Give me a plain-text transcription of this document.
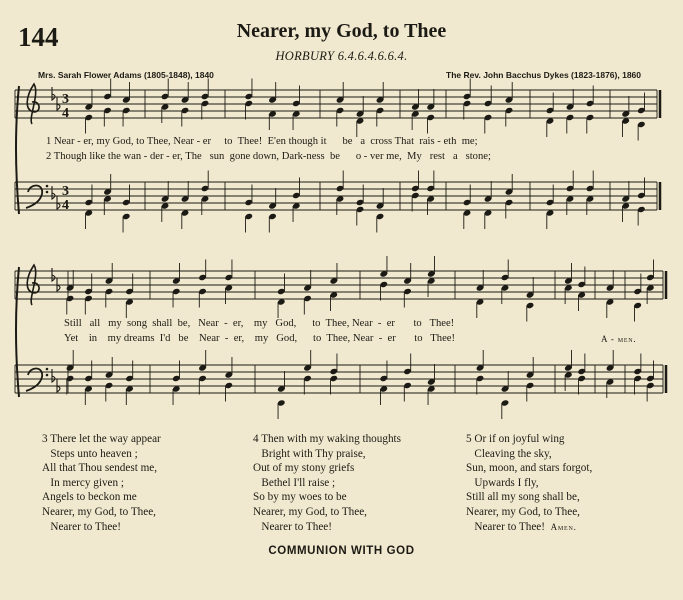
144	Nearer, my God, to Thee
HORBURY 6.4.6.4.6.6.4.
Mrs. Sarah Flower Adams (1805-1848), 1840	The Rev. John Bacchus Dykes (1823-1876), 1860
3
4
3
4
1 Near - er, my God, to Thee, Near - er     to  Thee!  E'en though it      be   a  cross That  rais - eth  me;
2 Though like the wan - der - er, The   sun  gone down, Dark-ness  be      o - ver me,  My   rest   a   stone;
Still   all   my  song  shall  be,   Near  -  er,    my   God,      to  Thee, Near  -  er       to   Thee!
Yet    in    my dreams  I'd   be    Near  -  er,    my   God,      to  Thee, Near  -  er       to   Thee!	A - men.
3 There let the way appear
Steps unto heaven ;
All that Thou sendest me,
In mercy given ;
Angels to beckon me
Nearer, my God, to Thee,
Nearer to Thee!
4 Then with my waking thoughts
Bright with Thy praise,
Out of my stony griefs
Bethel I'll raise ;
So by my woes to be
Nearer, my God, to Thee,
Nearer to Thee!
5 Or if on joyful wing
Cleaving the sky,
Sun, moon, and stars forgot,
Upwards I fly,
Still all my song shall be,
Nearer, my God, to Thee,
Nearer to Thee! Amen.
COMMUNION WITH GOD
